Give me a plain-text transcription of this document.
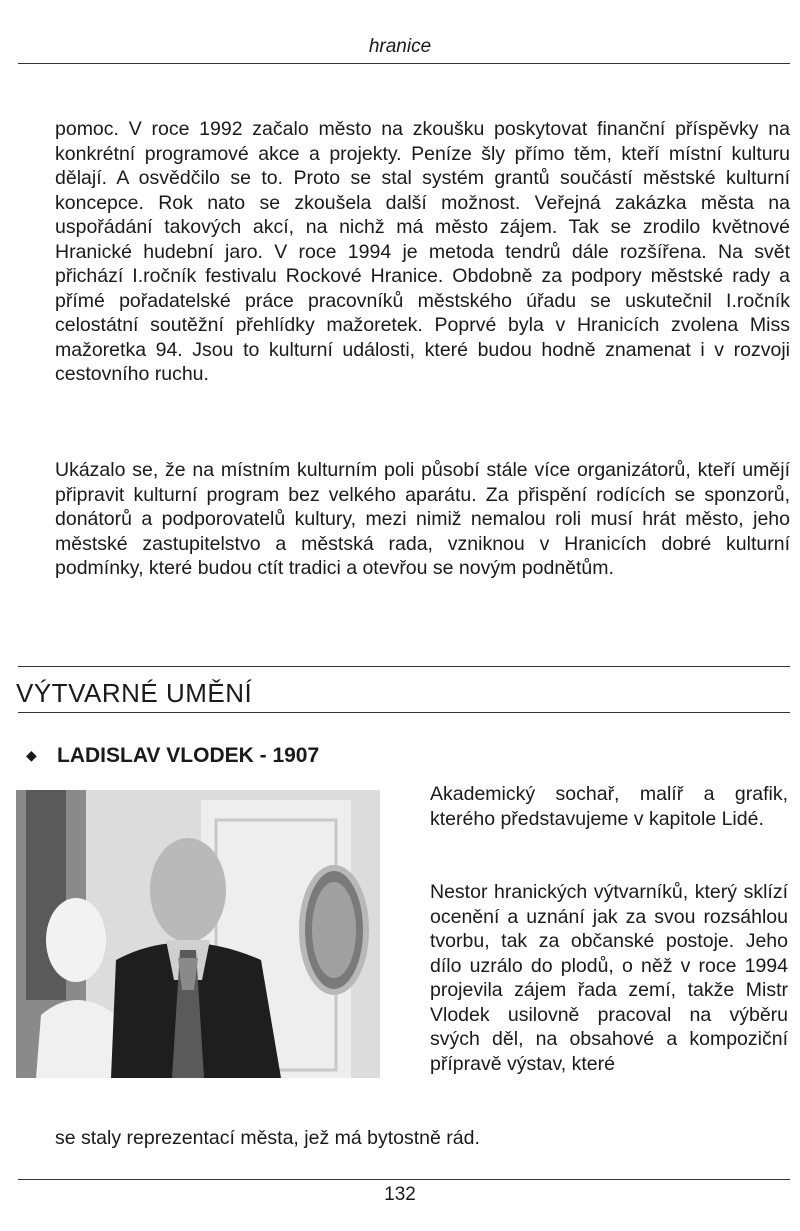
hranice

pomoc. V roce 1992 začalo město na zkoušku poskytovat finanční příspěvky na konkrétní programové akce a projekty. Peníze šly přímo těm, kteří místní kulturu dělají. A osvědčilo se to. Proto se stal systém grantů součástí městské kulturní koncepce. Rok nato se zkoušela další možnost. Veřejná zakázka města na uspořádání takových akcí, na nichž má město zájem. Tak se zrodilo květnové Hranické hudební jaro. V roce 1994 je metoda tendrů dále rozšířena. Na svět přichází I.ročník festivalu Rockové Hranice. Obdobně za podpory městské rady a přímé pořadatelské práce pracovníků městského úřadu se uskutečnil I.ročník celostátní soutěžní přehlídky mažoretek. Poprvé byla v Hranicích zvolena Miss mažoretka 94. Jsou to kulturní události, které budou hodně znamenat i v rozvoji cestovního ruchu.

Ukázalo se, že na místním kulturním poli působí stále více organizátorů, kteří umějí připravit kulturní program bez velkého aparátu. Za přispění rodících se sponzorů, donátorů a podporovatelů kultury, mezi nimiž nemalou roli musí hrát město, jeho městské zastupitelstvo a městská rada, vzniknou v Hranicích dobré kulturní podmínky, které budou ctít tradici a otevřou se novým podnětům.

VÝTVARNÉ UMĚNÍ
◆ LADISLAV VLODEK - 1907

Akademický sochař, malíř a grafik, kterého představujeme v kapitole Lidé.

Nestor hranických výtvarníků, který sklízí ocenění a uznání jak za svou rozsáhlou tvorbu, tak za občanské postoje. Jeho dílo uzrálo do plodů, o něž v roce 1994 projevila zájem řada zemí, takže Mistr Vlodek usilovně pracoval na výběru svých děl, na obsahové a kompoziční přípravě výstav, které

se staly reprezentací města, jež má bytostně rád.
132
